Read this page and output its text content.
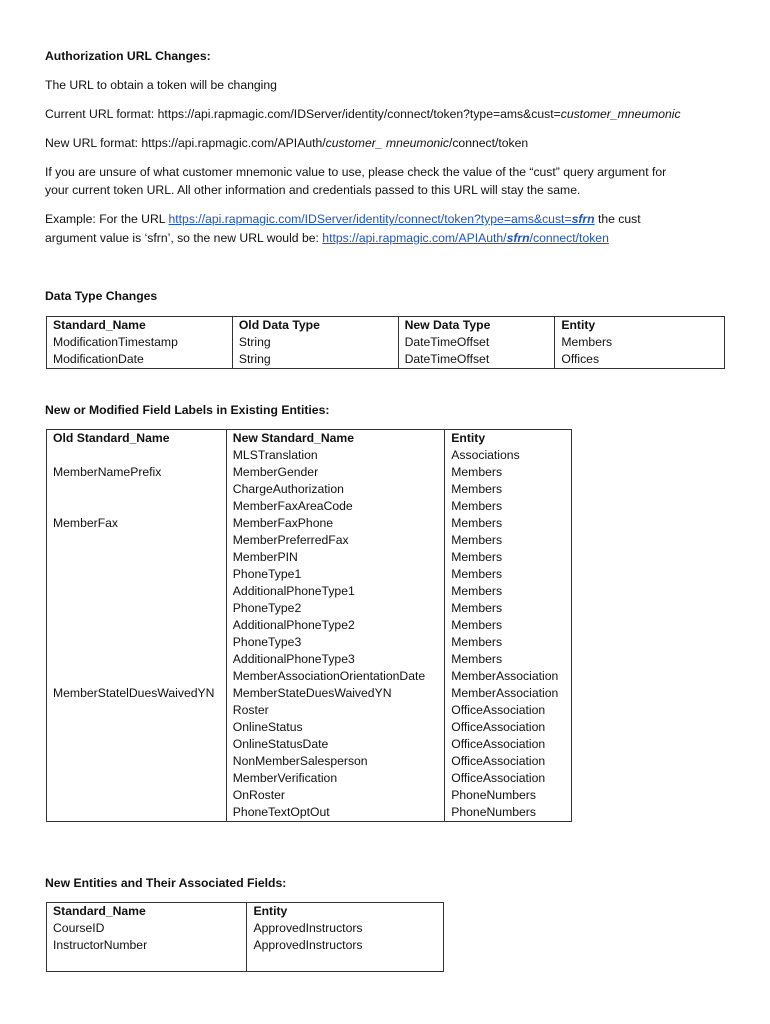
Authorization URL Changes:
The URL to obtain a token will be changing
Current URL format: https://api.rapmagic.com/IDServer/identity/connect/token?type=ams&cust=customer_mneumonic
New URL format: https://api.rapmagic.com/APIAuth/customer_ mneumonic/connect/token
If you are unsure of what customer mnemonic value to use, please check the value of the “cust” query argument for
your current token URL. All other information and credentials passed to this URL will stay the same.
Example: For the URL https://api.rapmagic.com/IDServer/identity/connect/token?type=ams&cust=sfrn the cust
argument value is ‘sfrn’, so the new URL would be: https://api.rapmagic.com/APIAuth/sfrn/connect/token
Data Type Changes
Standard_Name	Old Data Type	New Data Type	Entity
ModificationTimestamp	String	DateTimeOffset	Members
ModificationDate	String	DateTimeOffset	Offices
New or Modified Field Labels in Existing Entities:
Old Standard_Name	New Standard_Name	Entity
	MLSTranslation	Associations
MemberNamePrefix	MemberGender	Members
	ChargeAuthorization	Members
	MemberFaxAreaCode	Members
MemberFax	MemberFaxPhone	Members
	MemberPreferredFax	Members
	MemberPIN	Members
	PhoneType1	Members
	AdditionalPhoneType1	Members
	PhoneType2	Members
	AdditionalPhoneType2	Members
	PhoneType3	Members
	AdditionalPhoneType3	Members
	MemberAssociationOrientationDate	MemberAssociation
MemberStatelDuesWaivedYN	MemberStateDuesWaivedYN	MemberAssociation
	Roster	OfficeAssociation
	OnlineStatus	OfficeAssociation
	OnlineStatusDate	OfficeAssociation
	NonMemberSalesperson	OfficeAssociation
	MemberVerification	OfficeAssociation
	OnRoster	PhoneNumbers
	PhoneTextOptOut	PhoneNumbers
New Entities and Their Associated Fields:
Standard_Name	Entity
CourseID	ApprovedInstructors
InstructorNumber	ApprovedInstructors
